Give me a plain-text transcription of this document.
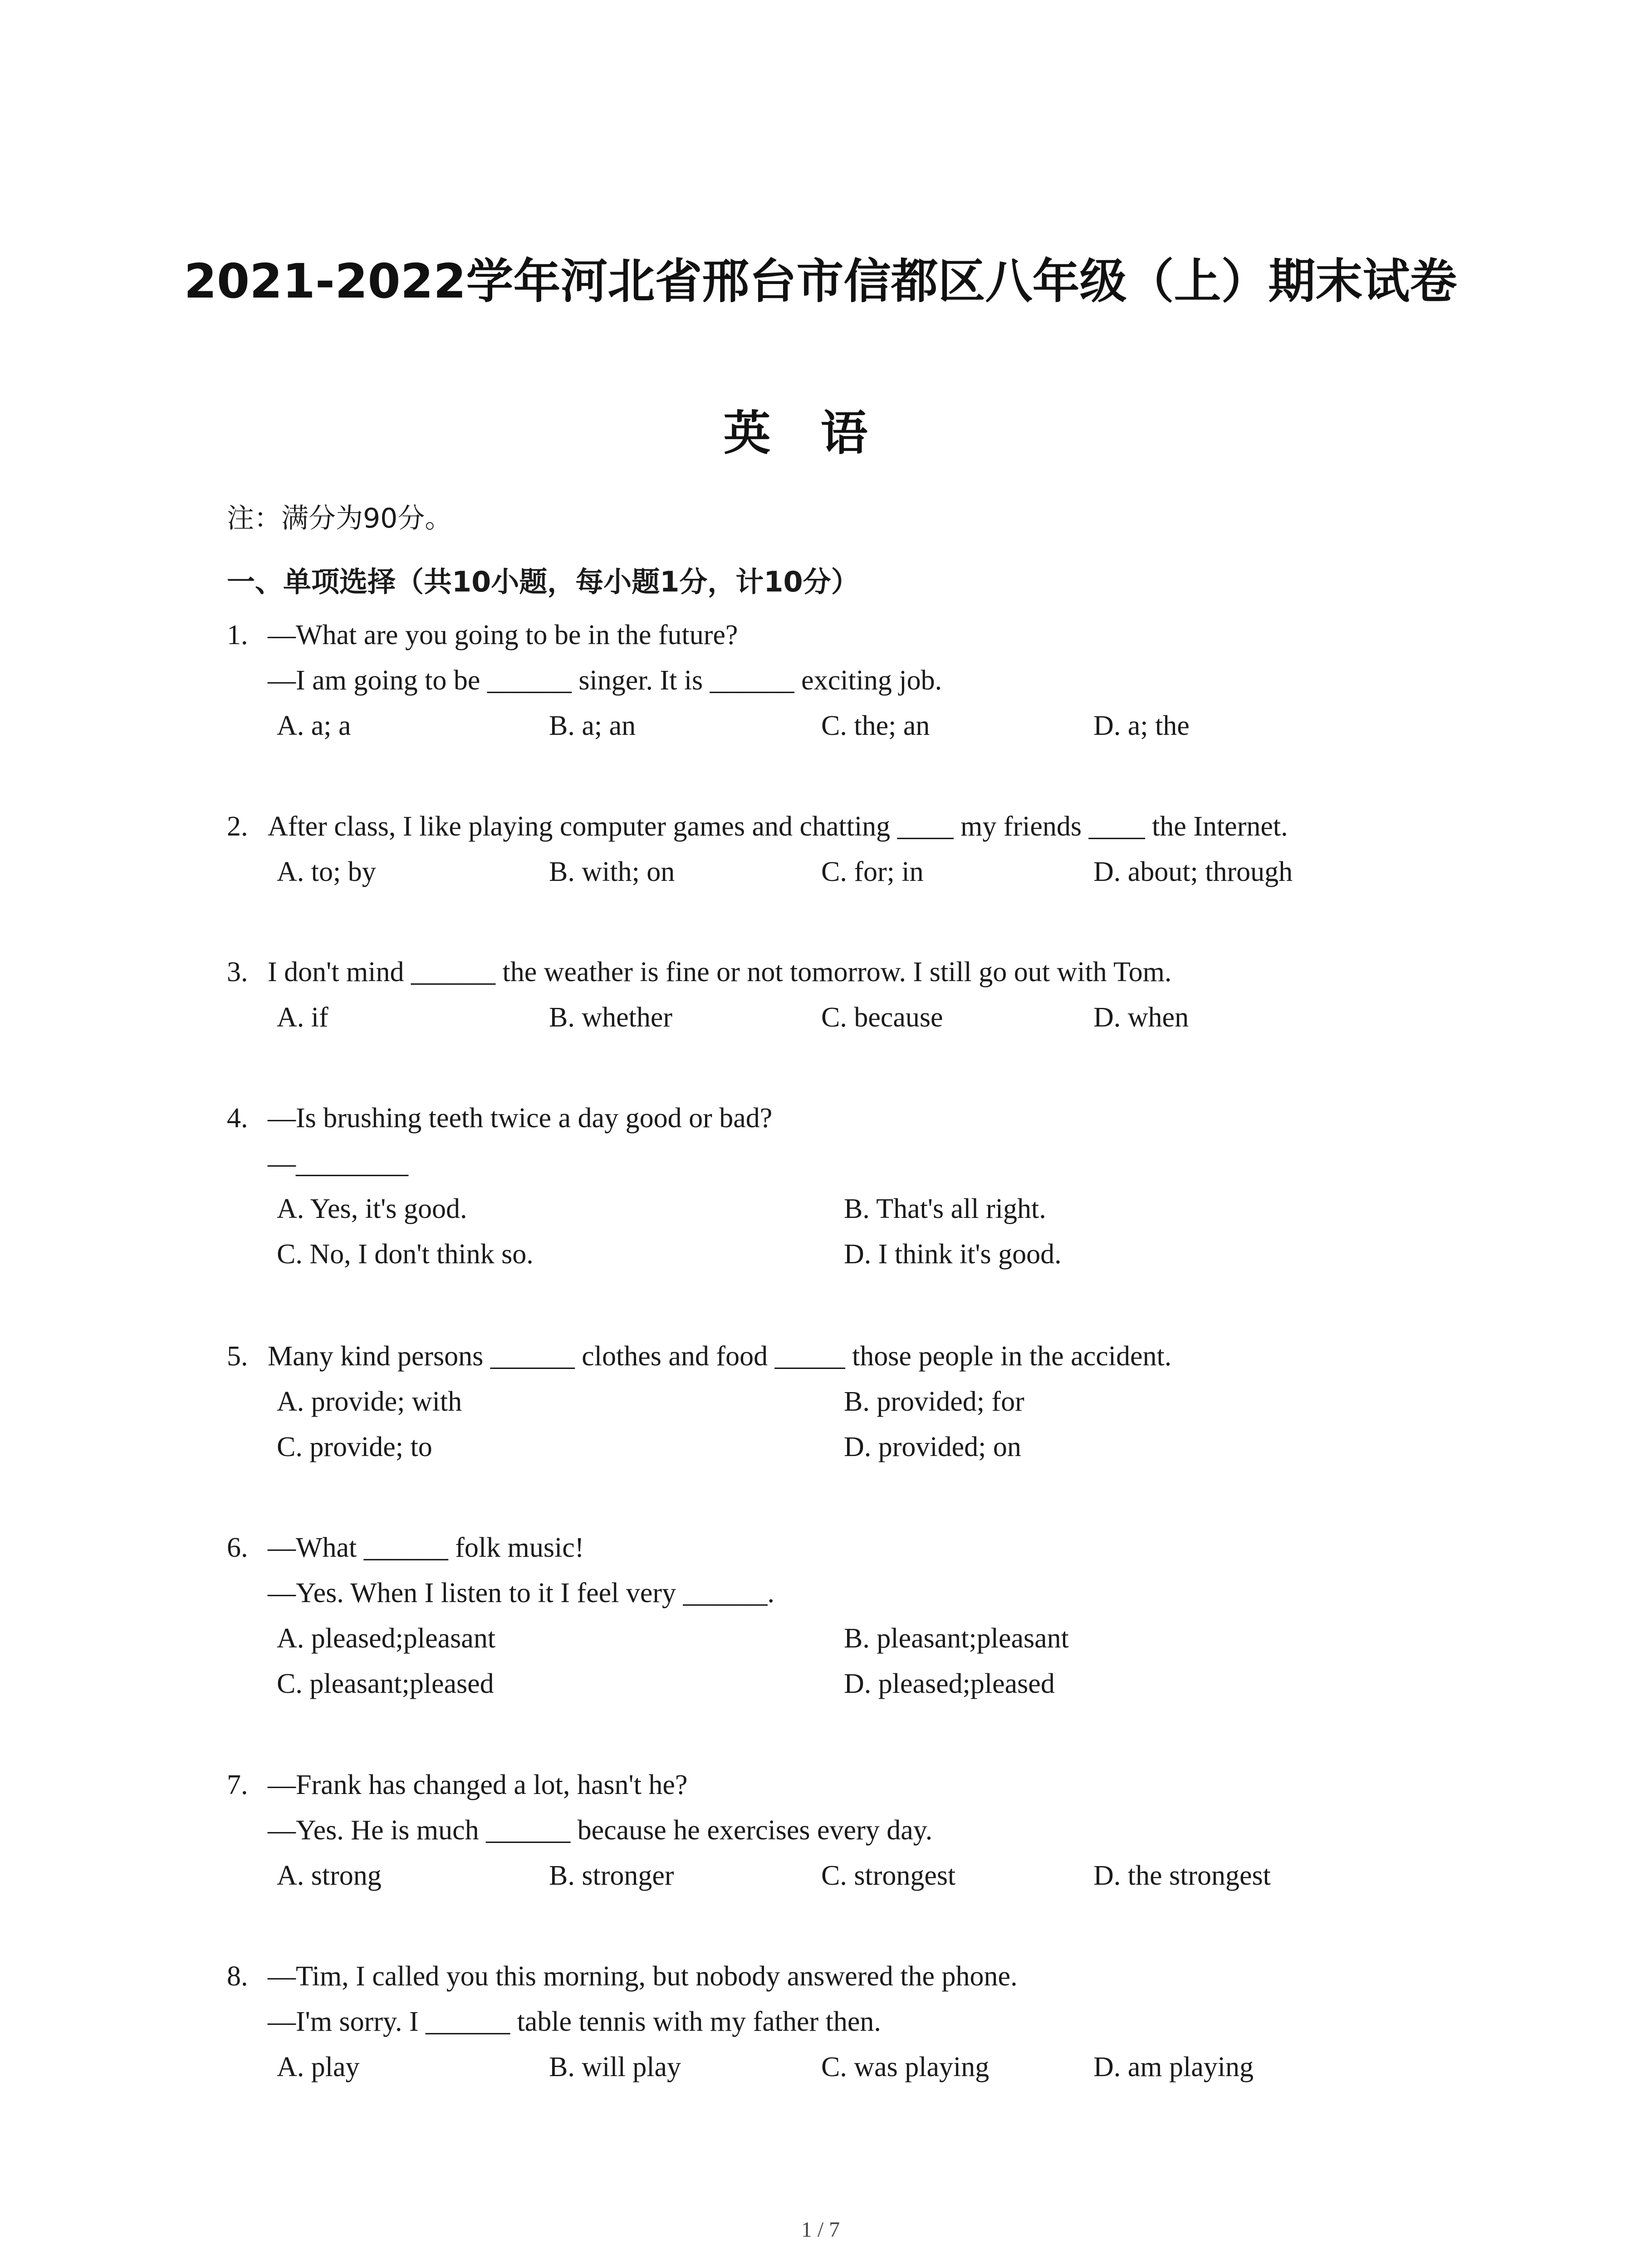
2021-2022学年河北省邢台市信都区八年级（上）期末试卷
英语
注：满分为90分。
一、单项选择（共10小题，每小题1分，计10分）
1. —What are you going to be in the future?
—I am going to be ______ singer. It is ______ exciting job.
A. a; a	B. a; an	C. the; an	D. a; the
2. After class, I like playing computer games and chatting ____ my friends ____ the Internet.
A. to; by	B. with; on	C. for; in	D. about; through
3. I don't mind ______ the weather is fine or not tomorrow. I still go out with Tom.
A. if	B. whether	C. because	D. when
4. —Is brushing teeth twice a day good or bad?
—________
A. Yes, it's good.	B. That's all right.
C. No, I don't think so.	D. I think it's good.
5. Many kind persons ______ clothes and food _____ those people in the accident.
A. provide; with	B. provided; for
C. provide; to	D. provided; on
6. —What ______ folk music!
—Yes. When I listen to it I feel very ______.
A. pleased;pleasant	B. pleasant;pleasant
C. pleasant;pleased	D. pleased;pleased
7. —Frank has changed a lot, hasn't he?
—Yes. He is much ______ because he exercises every day.
A. strong	B. stronger	C. strongest	D. the strongest
8. —Tim, I called you this morning, but nobody answered the phone.
—I'm sorry. I ______ table tennis with my father then.
A. play	B. will play	C. was playing	D. am playing
1 / 7
